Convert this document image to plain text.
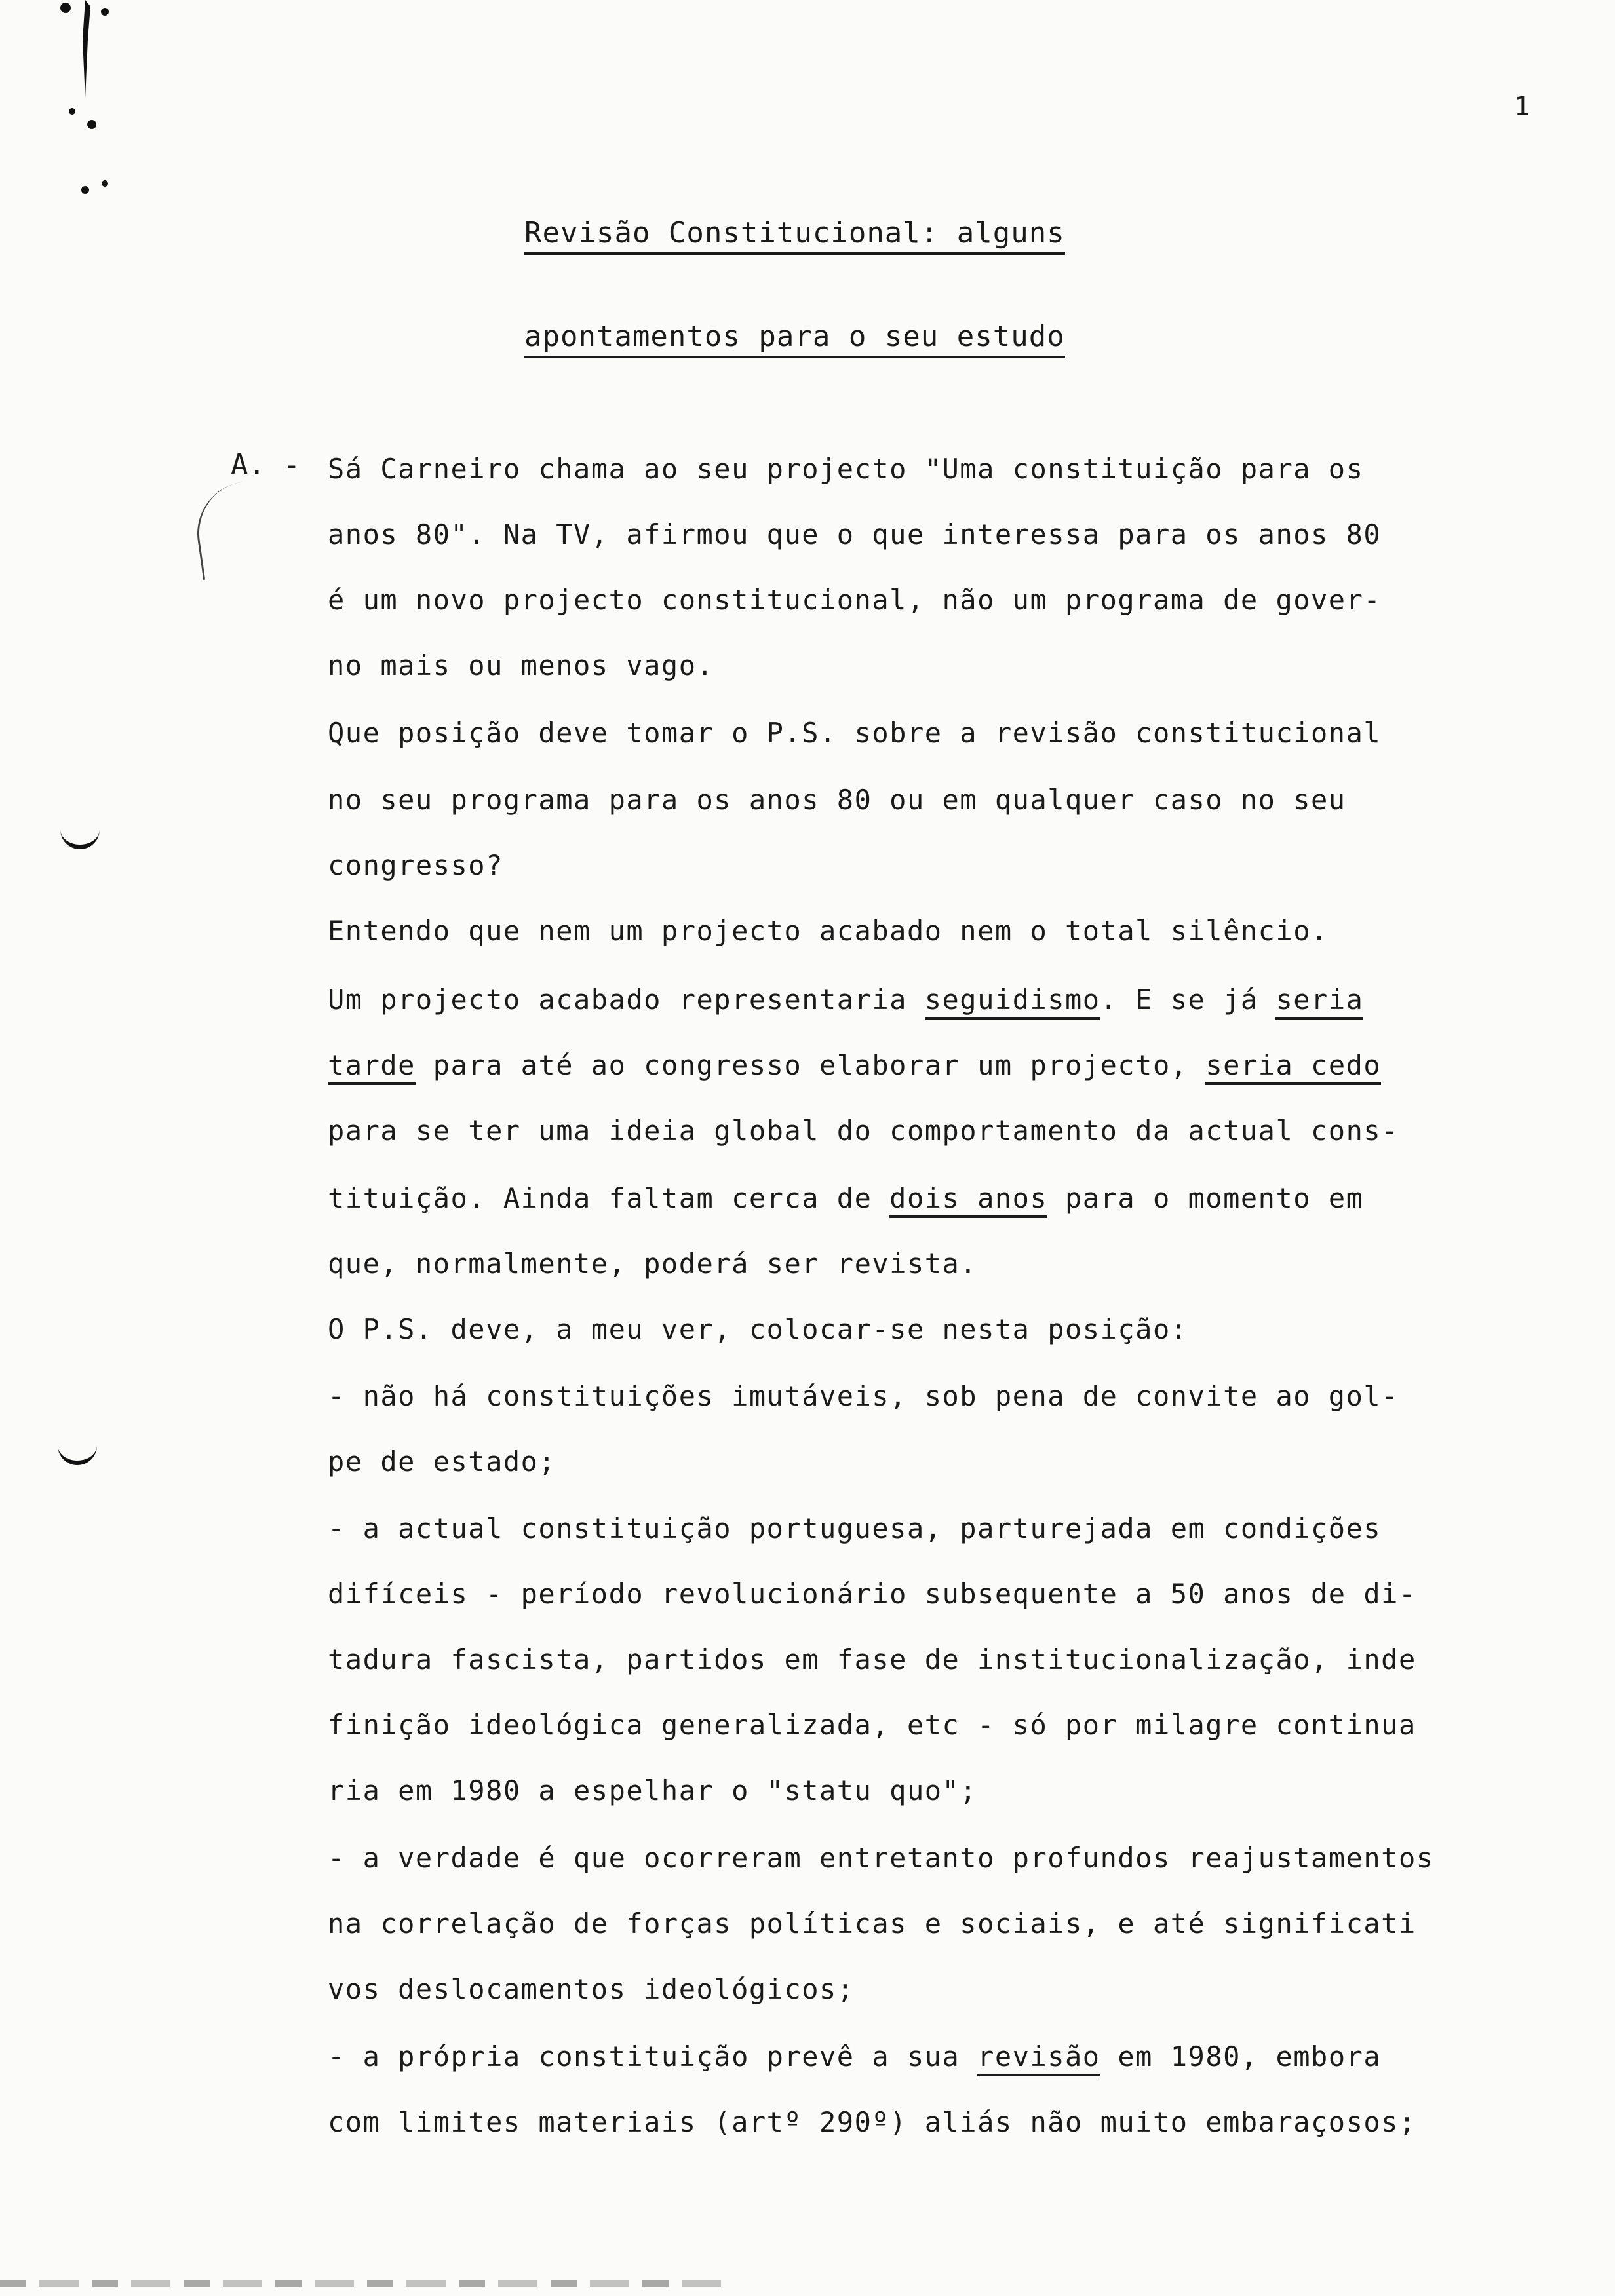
1
Revisão Constitucional: alguns
apontamentos para o seu estudo
A. - Sá Carneiro chama ao seu projecto "Uma constituição para os
anos 80". Na TV, afirmou que o que interessa para os anos 80
é um novo projecto constitucional, não um programa de gover-
no mais ou menos vago.
Que posição deve tomar o P.S. sobre a revisão constitucional
no seu programa para os anos 80 ou em qualquer caso no seu
congresso?
Entendo que nem um projecto acabado nem o total silêncio.
Um projecto acabado representaria seguidismo. E se já seria
tarde para até ao congresso elaborar um projecto, seria cedo
para se ter uma ideia global do comportamento da actual cons-
tituição. Ainda faltam cerca de dois anos para o momento em
que, normalmente, poderá ser revista.
O P.S. deve, a meu ver, colocar-se nesta posição:
- não há constituições imutáveis, sob pena de convite ao gol-
pe de estado;
- a actual constituição portuguesa, parturejada em condições
difíceis - período revolucionário subsequente a 50 anos de di-
tadura fascista, partidos em fase de institucionalização, inde
finição ideológica generalizada, etc - só por milagre continua
ria em 1980 a espelhar o "statu quo";
- a verdade é que ocorreram entretanto profundos reajustamentos
na correlação de forças políticas e sociais, e até significati
vos deslocamentos ideológicos;
- a própria constituição prevê a sua revisão em 1980, embora
com limites materiais (artº 290º) aliás não muito embaraçosos;
